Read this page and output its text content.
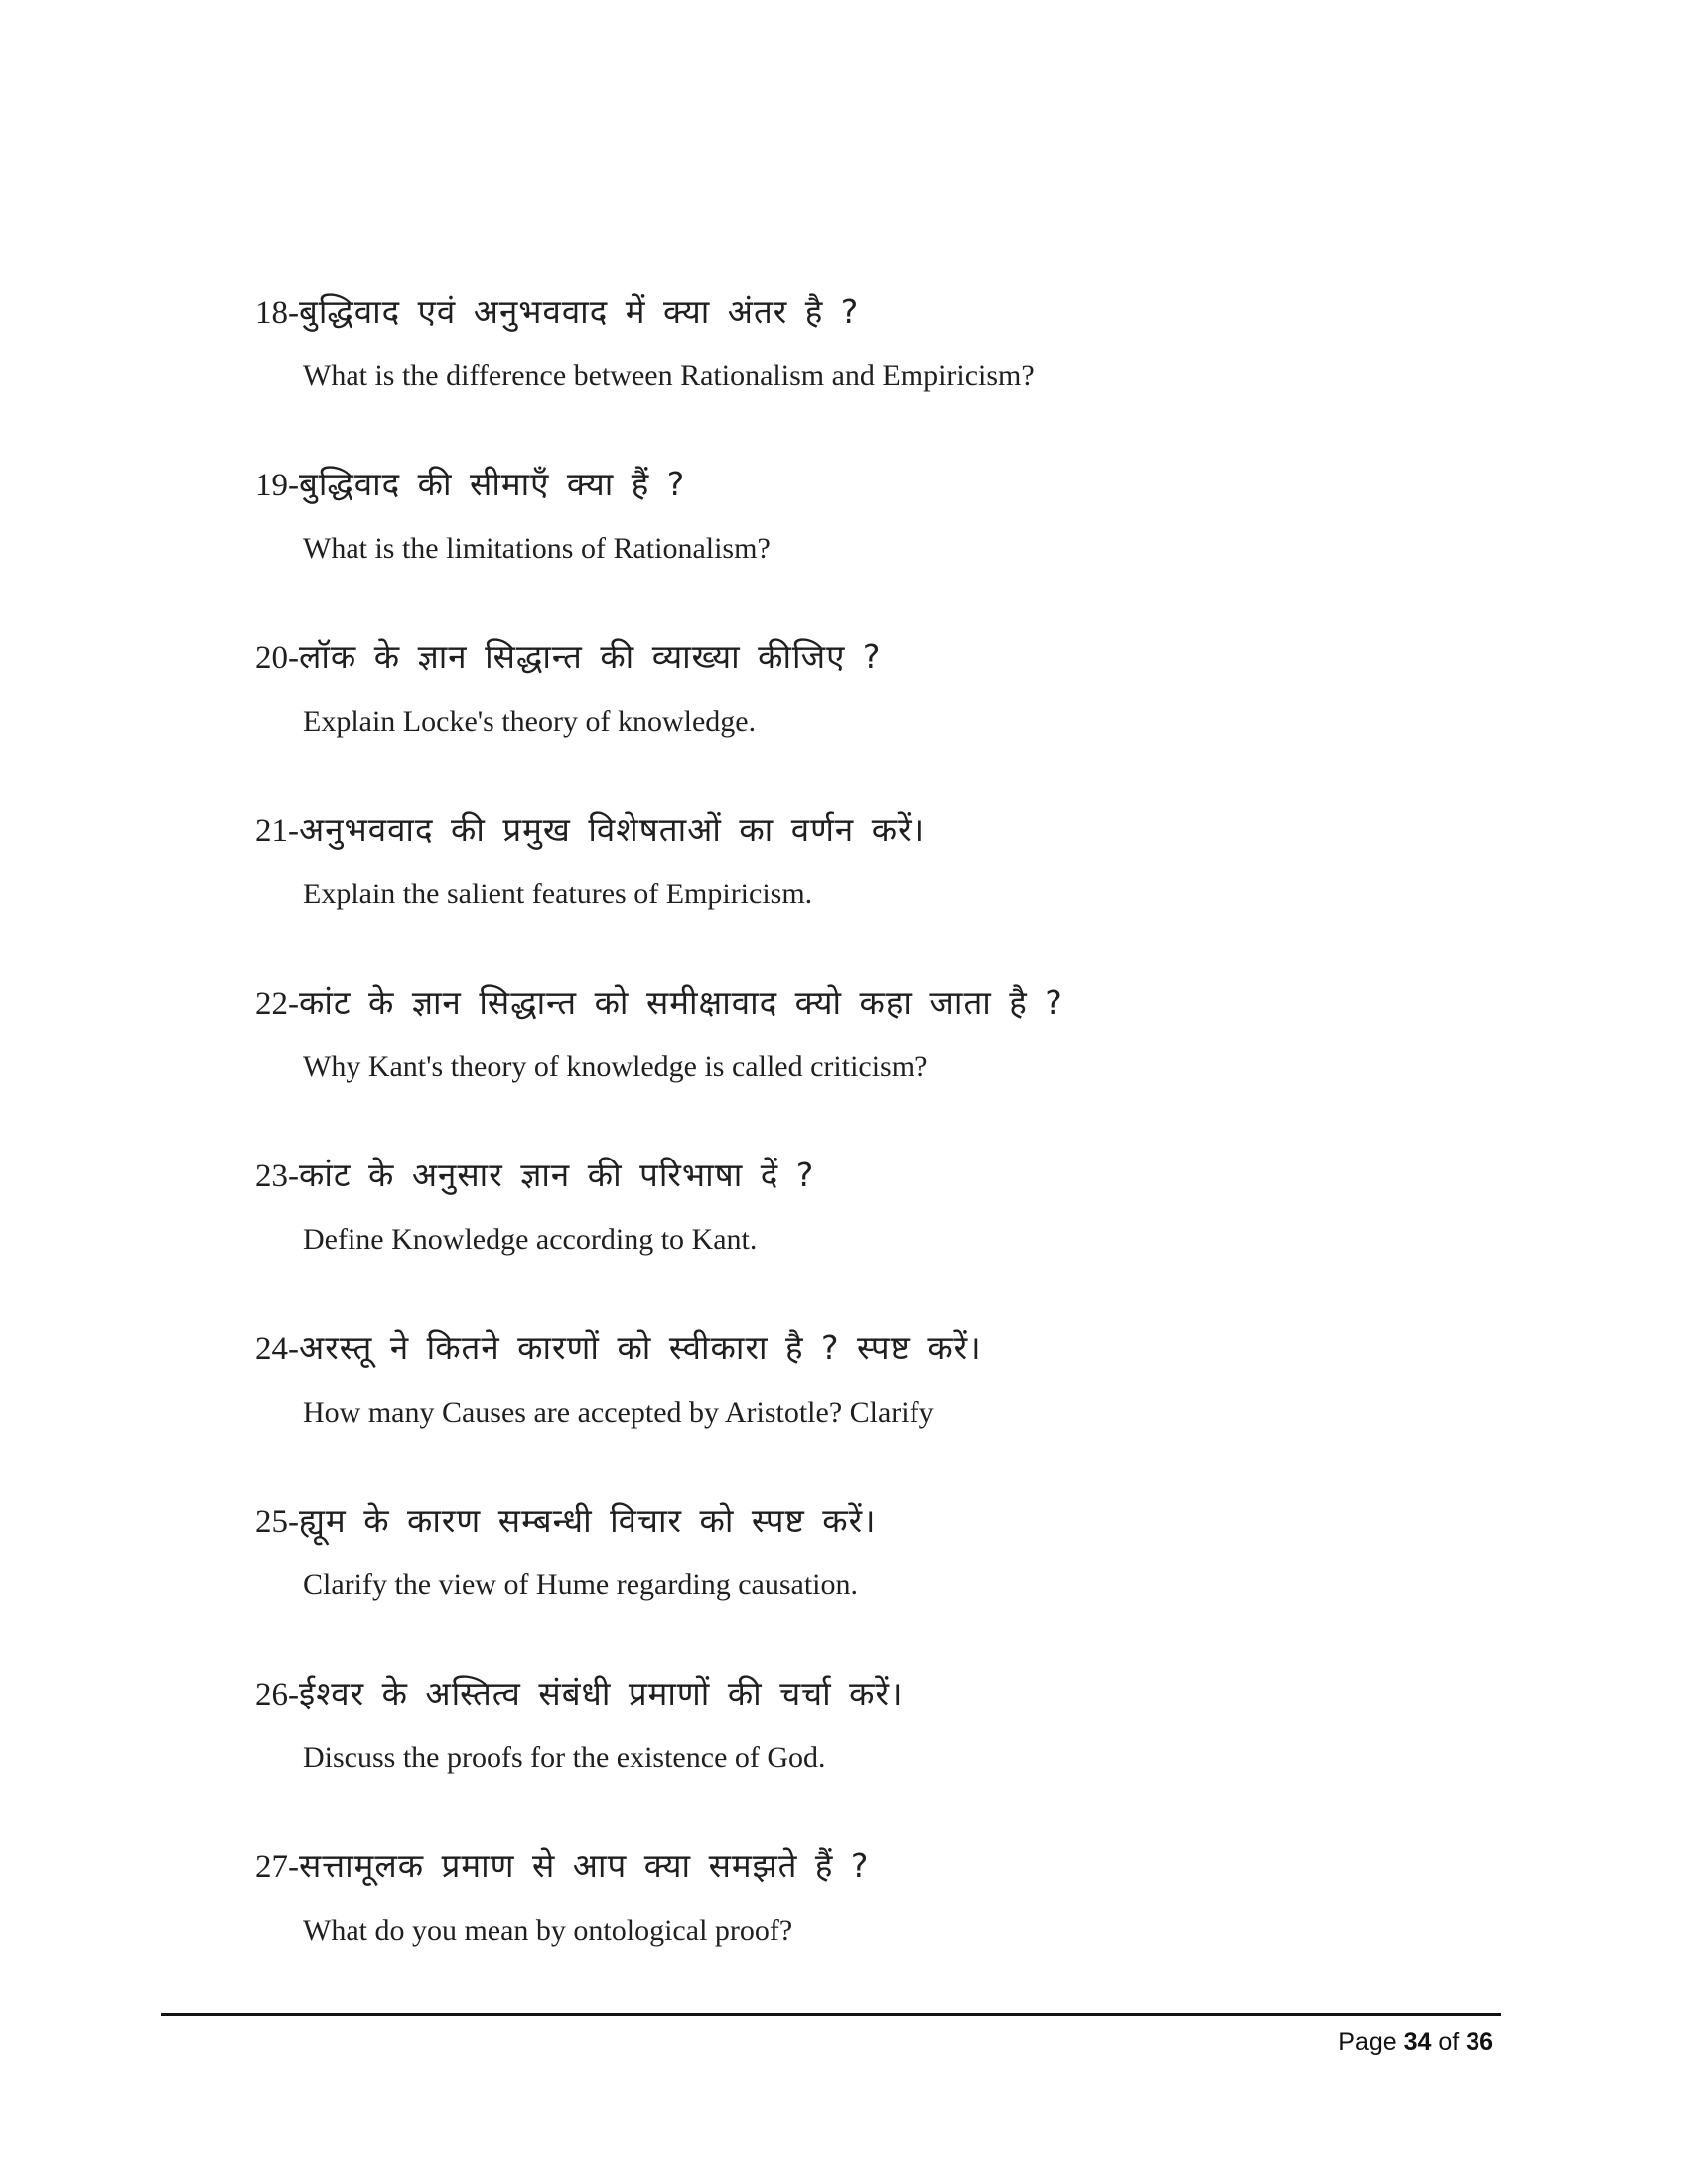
18-बुद्धिवाद एवं अनुभववाद में क्या अंतर है ?
What is the difference between Rationalism and Empiricism?
19-बुद्धिवाद की सीमाएँ क्या हैं ?
What is the limitations of Rationalism?
20-लॉक के ज्ञान सिद्धान्त की व्याख्या कीजिए ?
Explain Locke's theory of knowledge.
21-अनुभववाद की प्रमुख विशेषताओं का वर्णन करें।
Explain the salient features of Empiricism.
22-कांट के ज्ञान सिद्धान्त को समीक्षावाद क्यो कहा जाता है ?
Why Kant's theory of knowledge is called criticism?
23-कांट के अनुसार ज्ञान की परिभाषा दें ?
Define Knowledge according to Kant.
24-अरस्तू ने कितने कारणों को स्वीकारा है ? स्पष्ट करें।
How many Causes are accepted by Aristotle? Clarify
25-ह्यूम के कारण सम्बन्धी विचार को स्पष्ट करें।
Clarify the view of Hume regarding causation.
26-ईश्वर के अस्तित्व संबंधी प्रमाणों की चर्चा करें।
Discuss the proofs for the existence of God.
27-सत्तामूलक प्रमाण से आप क्या समझते हैं ?
What do you mean by ontological proof?
Page 34 of 36
